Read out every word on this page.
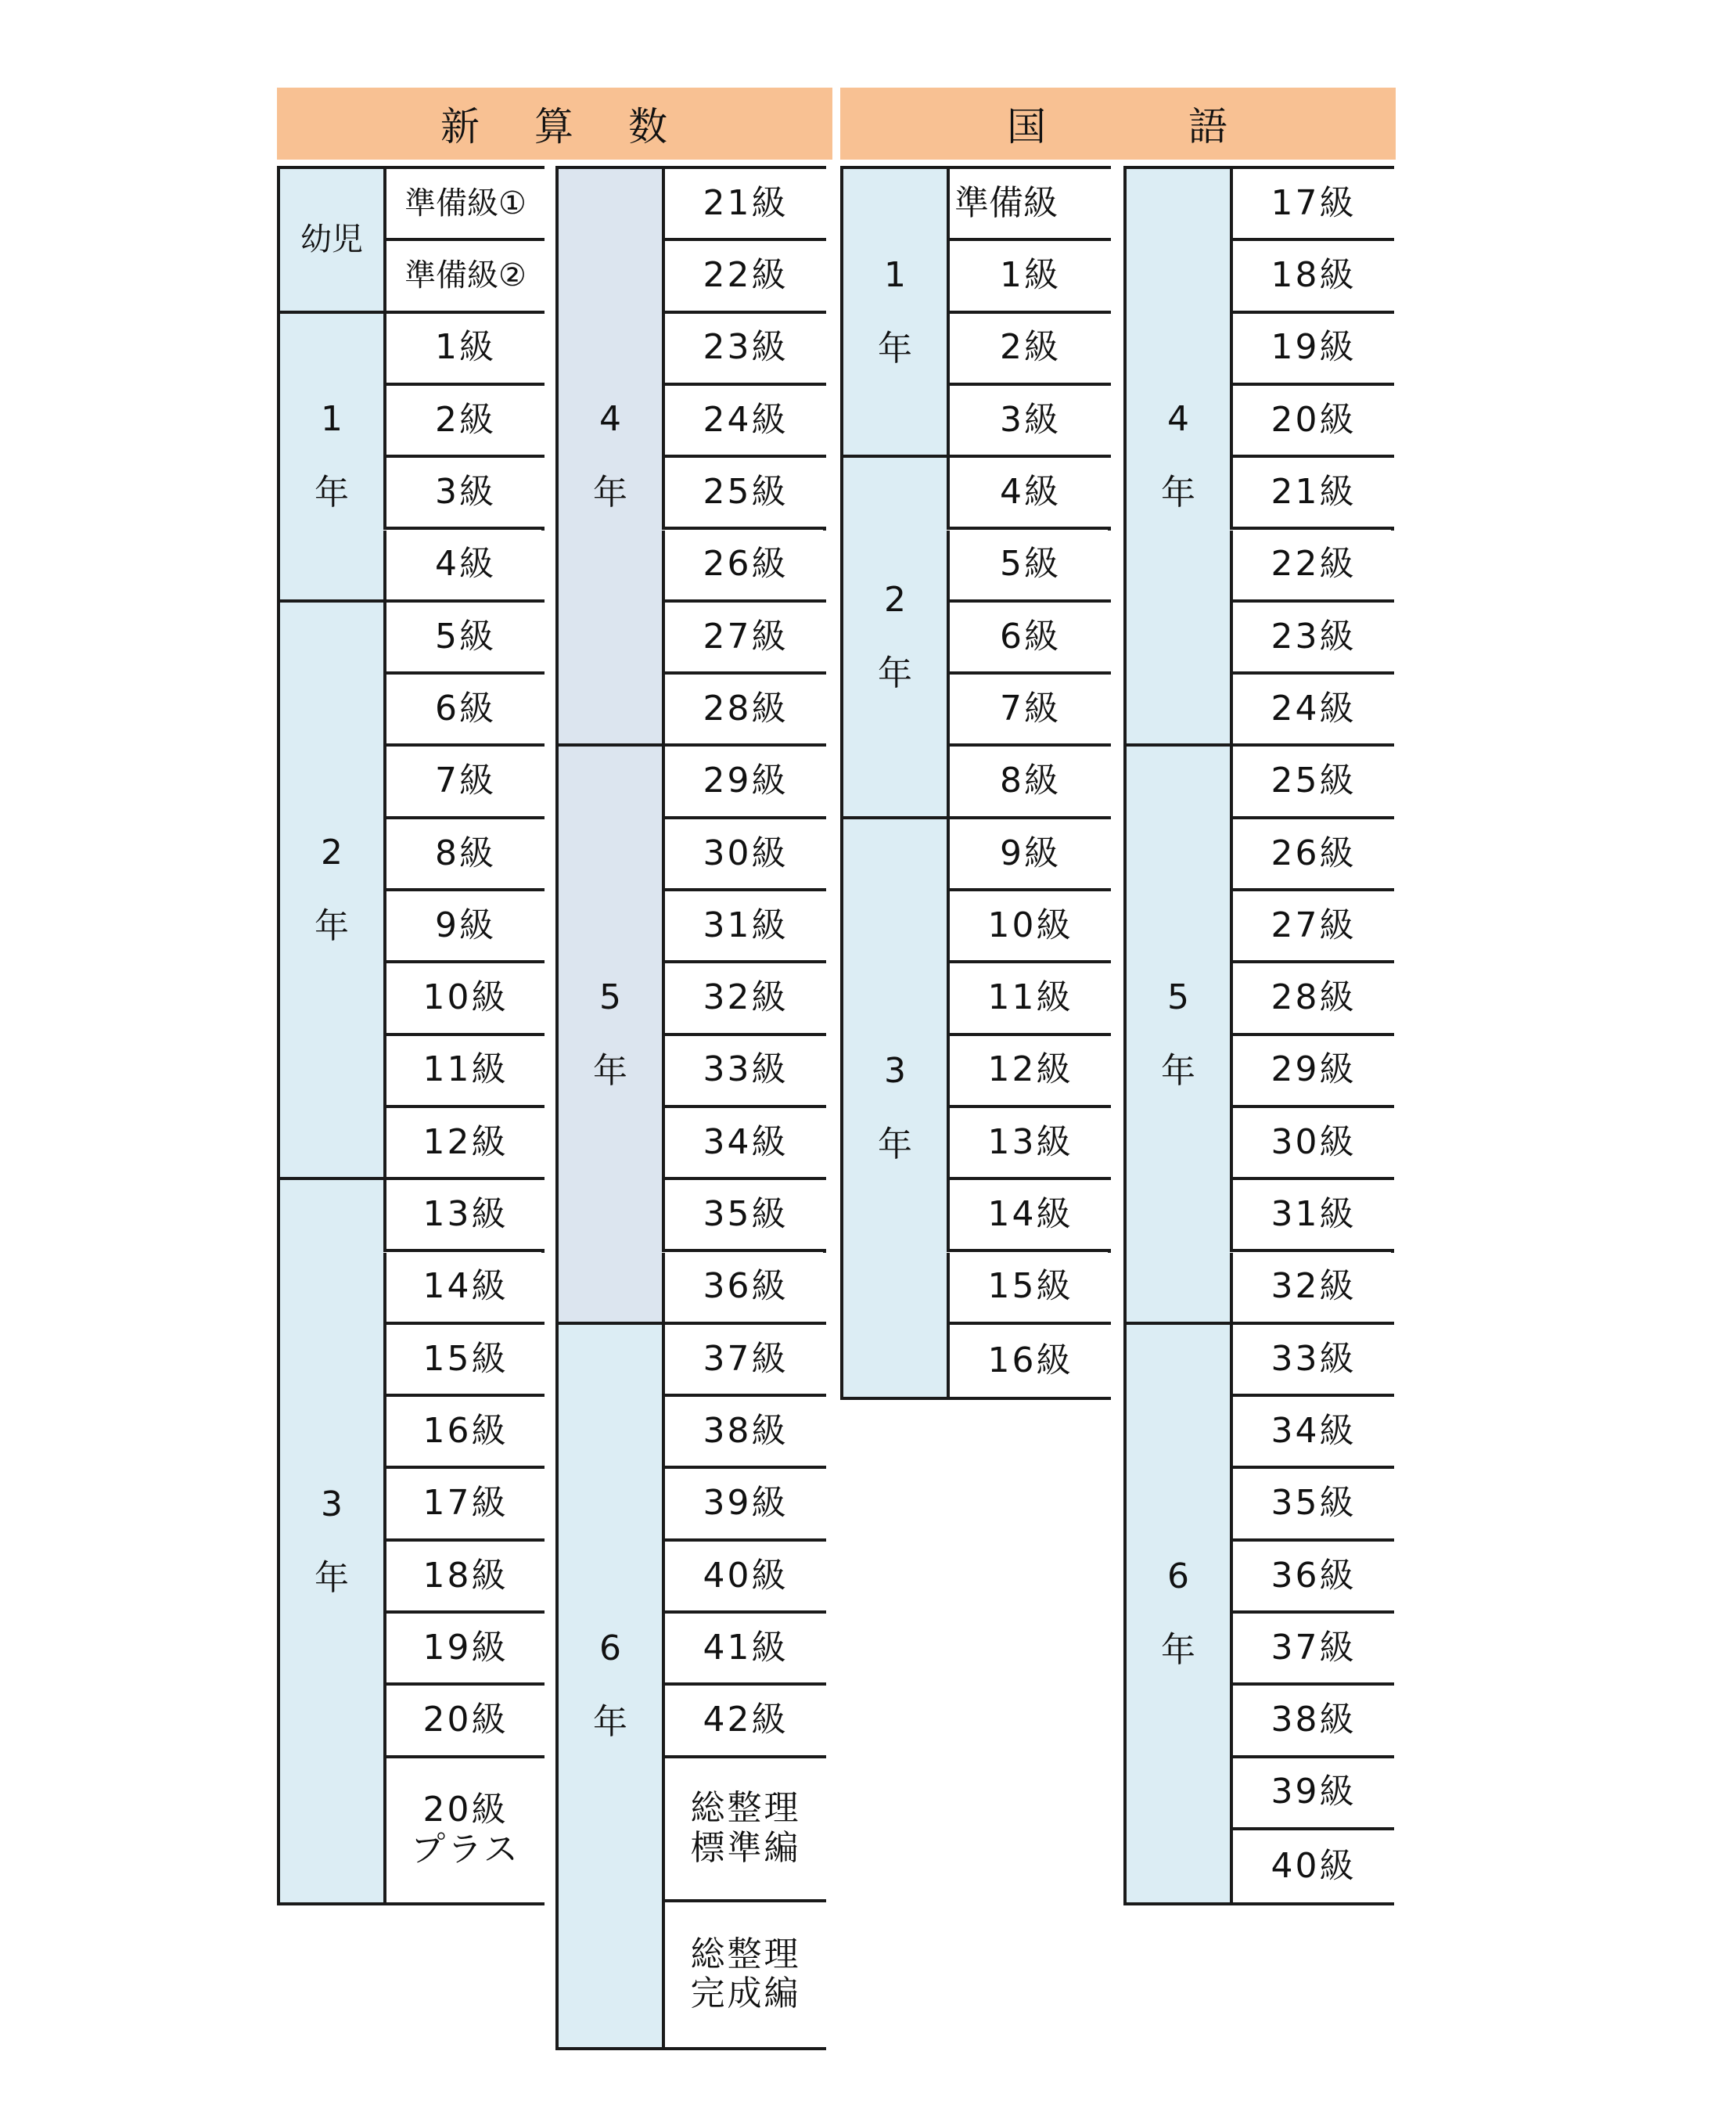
新 算 数	国	語
準備級①
準備級②
幼児
1級
2級
3級
4級
1
年
5級
6級
7級
8級
9級
10級
11級
12級
2
年
13級
14級
15級
16級
17級
18級
19級
20級
20級
プラス
3
年
21級
22級
23級
24級
25級
26級
27級
28級
4
年
29級
30級
31級
32級
33級
34級
35級
36級
5
年
37級
38級
39級
40級
41級
42級
総整理
標準編
総整理
完成編
6
年
準備級
1級
2級
3級
1
年
4級
5級
6級
7級
8級
2
年
9級
10級
11級
12級
13級
14級
15級
16級
3
年
17級
18級
19級
20級
21級
22級
23級
24級
4
年
25級
26級
27級
28級
29級
30級
31級
32級
5
年
33級
34級
35級
36級
37級
38級
39級
40級
6
年
